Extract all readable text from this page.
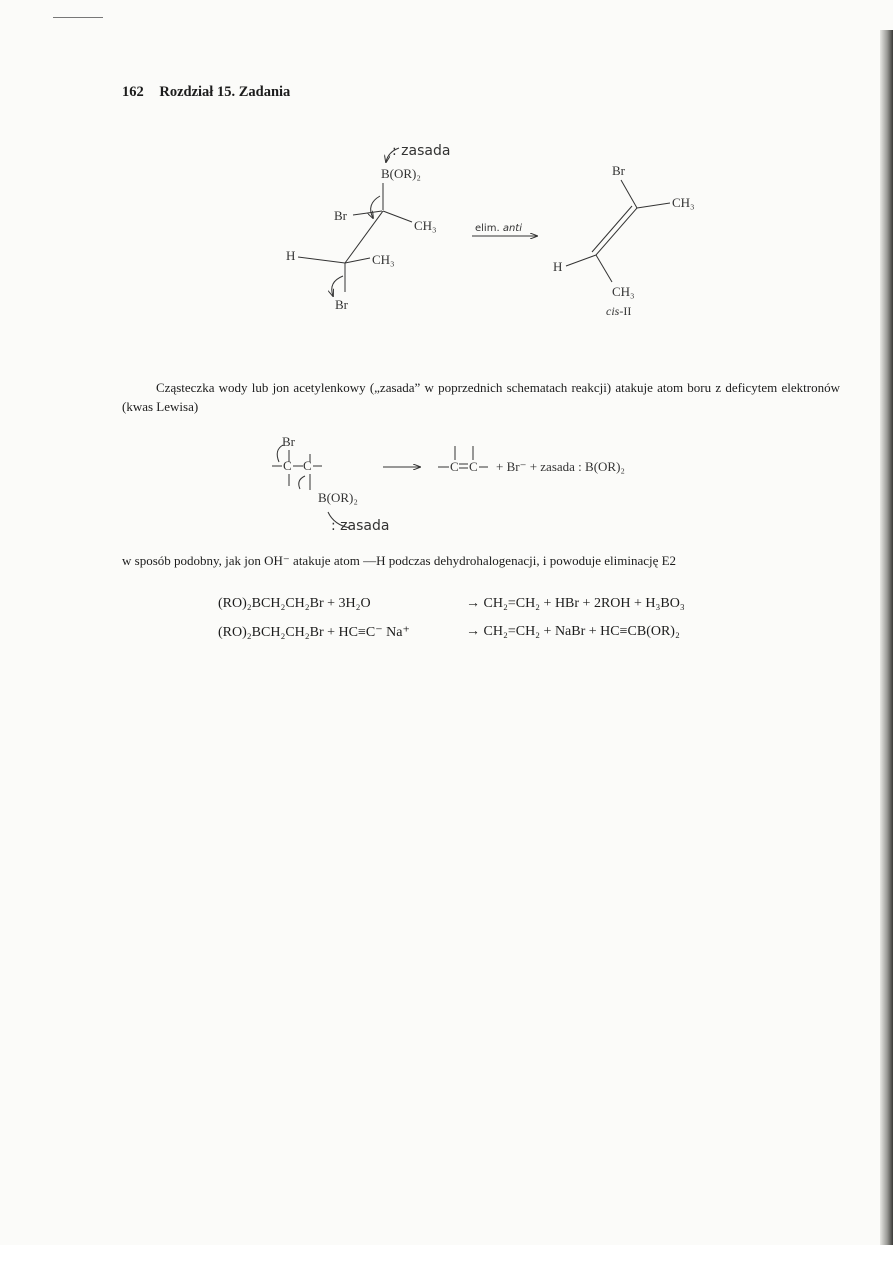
162 Rozdział 15. Zadania
: zasada
B(OR)₂
Br
CH₃
H	CH₃
Br
elim. anti
Br
CH₃
H
CH₃
cis-II
Cząsteczka wody lub jon acetylenkowy („zasada” w poprzednich schematach reakcji) atakuje atom boru z deficytem elektronów (kwas Lewisa)
Br
C C
B(OR)₂
: zasada
C C + Br⁻ + zasada : B(OR)₂
w sposób podobny, jak jon OH⁻ atakuje atom —H podczas dehydrohalogenacji, i powoduje eliminację E2
(RO)₂BCH₂CH₂Br + 3H₂O	→ CH₂=CH₂ + HBr + 2ROH + H₃BO₃
(RO)₂BCH₂CH₂Br + HC≡C⁻ Na⁺	→ CH₂=CH₂ + NaBr + HC≡CB(OR)₂
